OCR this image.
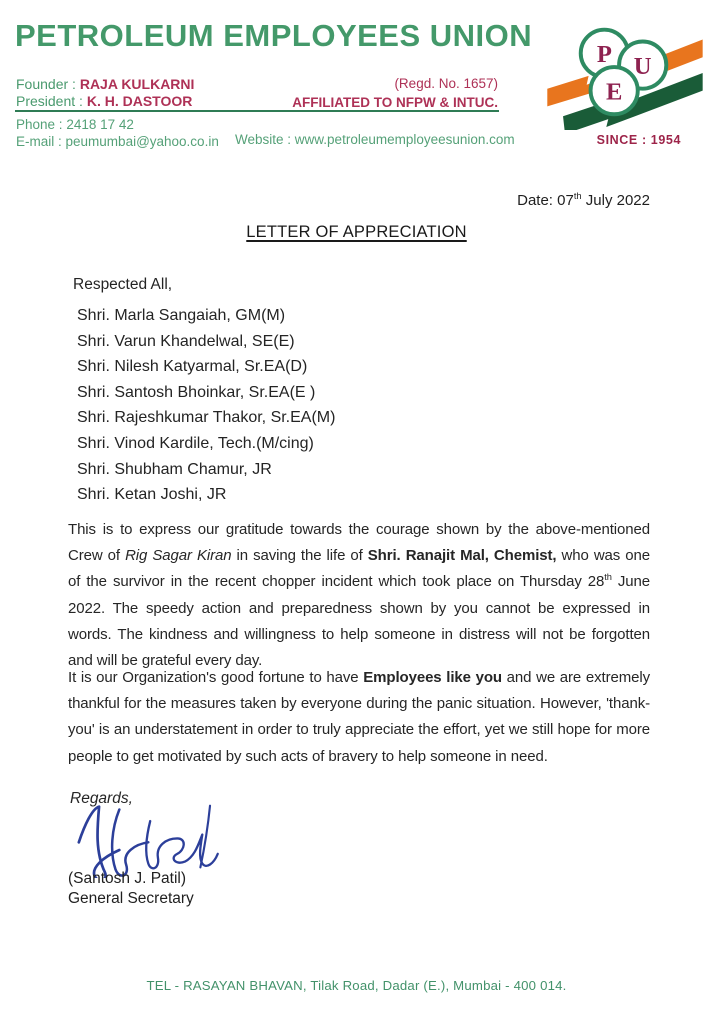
PETROLEUM EMPLOYEES UNION
Founder : RAJA KULKARNI
President : K. H. DASTOOR
(Regd. No. 1657)
AFFILIATED TO NFPW & INTUC.
Phone : 2418 17 42
E-mail : peumumbai@yahoo.co.in Website : www.petroleumemployeesunion.com
P U
E
SINCE : 1954
Date: 07th July 2022
LETTER OF APPRECIATION
Respected All,
Shri. Marla Sangaiah, GM(M)
Shri. Varun Khandelwal, SE(E)
Shri. Nilesh Katyarmal, Sr.EA(D)
Shri. Santosh Bhoinkar, Sr.EA(E )
Shri. Rajeshkumar Thakor, Sr.EA(M)
Shri. Vinod Kardile, Tech.(M/cing)
Shri. Shubham Chamur, JR
Shri. Ketan Joshi, JR
This is to express our gratitude towards the courage shown by the above-mentioned Crew of Rig Sagar Kiran in saving the life of Shri. Ranajit Mal, Chemist, who was one of the survivor in the recent chopper incident which took place on Thursday 28th June 2022. The speedy action and preparedness shown by you cannot be expressed in words. The kindness and willingness to help someone in distress will not be forgotten and will be grateful every day.
It is our Organization's good fortune to have Employees like you and we are extremely thankful for the measures taken by everyone during the panic situation. However, 'thank-you' is an understatement in order to truly appreciate the effort, yet we still hope for more people to get motivated by such acts of bravery to help someone in need.
Regards,
(Santosh J. Patil)
General Secretary
TEL - RASAYAN BHAVAN, Tilak Road, Dadar (E.), Mumbai - 400 014.
